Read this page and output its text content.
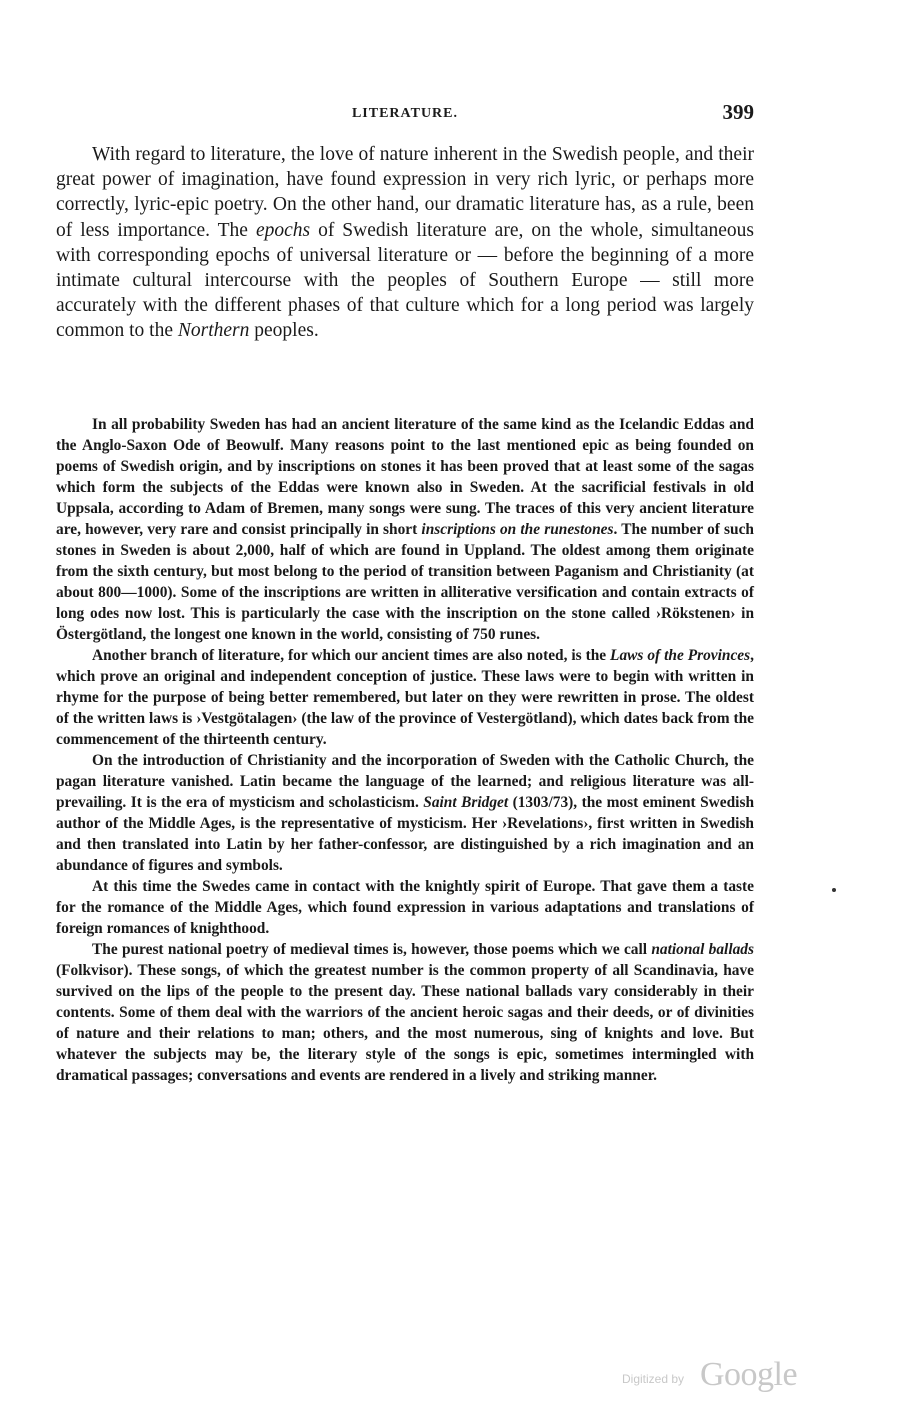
LITERATURE.	399

With regard to literature, the love of nature inherent in the Swedish people, and their great power of imagination, have found expression in very rich lyric, or perhaps more correctly, lyric-epic poetry. On the other hand, our dramatic literature has, as a rule, been of less importance. The epochs of Swedish literature are, on the whole, simultaneous with corresponding epochs of universal literature or — before the beginning of a more intimate cultural intercourse with the peoples of Southern Europe — still more accurately with the different phases of that culture which for a long period was largely common to the Northern peoples.

In all probability Sweden has had an ancient literature of the same kind as the Icelandic Eddas and the Anglo-Saxon Ode of Beowulf. Many reasons point to the last mentioned epic as being founded on poems of Swedish origin, and by inscriptions on stones it has been proved that at least some of the sagas which form the subjects of the Eddas were known also in Sweden. At the sacrificial festivals in old Uppsala, according to Adam of Bremen, many songs were sung. The traces of this very ancient literature are, however, very rare and consist principally in short inscriptions on the runestones. The number of such stones in Sweden is about 2,000, half of which are found in Uppland. The oldest among them originate from the sixth century, but most belong to the period of transition between Paganism and Christianity (at about 800—1000). Some of the inscriptions are written in alliterative versification and contain extracts of long odes now lost. This is particularly the case with the inscription on the stone called ›Rökstenen› in Östergötland, the longest one known in the world, consisting of 750 runes.

Another branch of literature, for which our ancient times are also noted, is the Laws of the Provinces, which prove an original and independent conception of justice. These laws were to begin with written in rhyme for the purpose of being better remembered, but later on they were rewritten in prose. The oldest of the written laws is ›Vestgötalagen› (the law of the province of Vestergötland), which dates back from the commencement of the thirteenth century.

On the introduction of Christianity and the incorporation of Sweden with the Catholic Church, the pagan literature vanished. Latin became the language of the learned; and religious literature was all-prevailing. It is the era of mysticism and scholasticism. Saint Bridget (1303/73), the most eminent Swedish author of the Middle Ages, is the representative of mysticism. Her ›Revelations›, first written in Swedish and then translated into Latin by her father-confessor, are distinguished by a rich imagination and an abundance of figures and symbols.

At this time the Swedes came in contact with the knightly spirit of Europe. That gave them a taste for the romance of the Middle Ages, which found expression in various adaptations and translations of foreign romances of knighthood.

The purest national poetry of medieval times is, however, those poems which we call national ballads (Folkvisor). These songs, of which the greatest number is the common property of all Scandinavia, have survived on the lips of the people to the present day. These national ballads vary considerably in their contents. Some of them deal with the warriors of the ancient heroic sagas and their deeds, or of divinities of nature and their relations to man; others, and the most numerous, sing of knights and love. But whatever the subjects may be, the literary style of the songs is epic, sometimes intermingled with dramatical passages; conversations and events are rendered in a lively and striking manner.

Digitized by Google
